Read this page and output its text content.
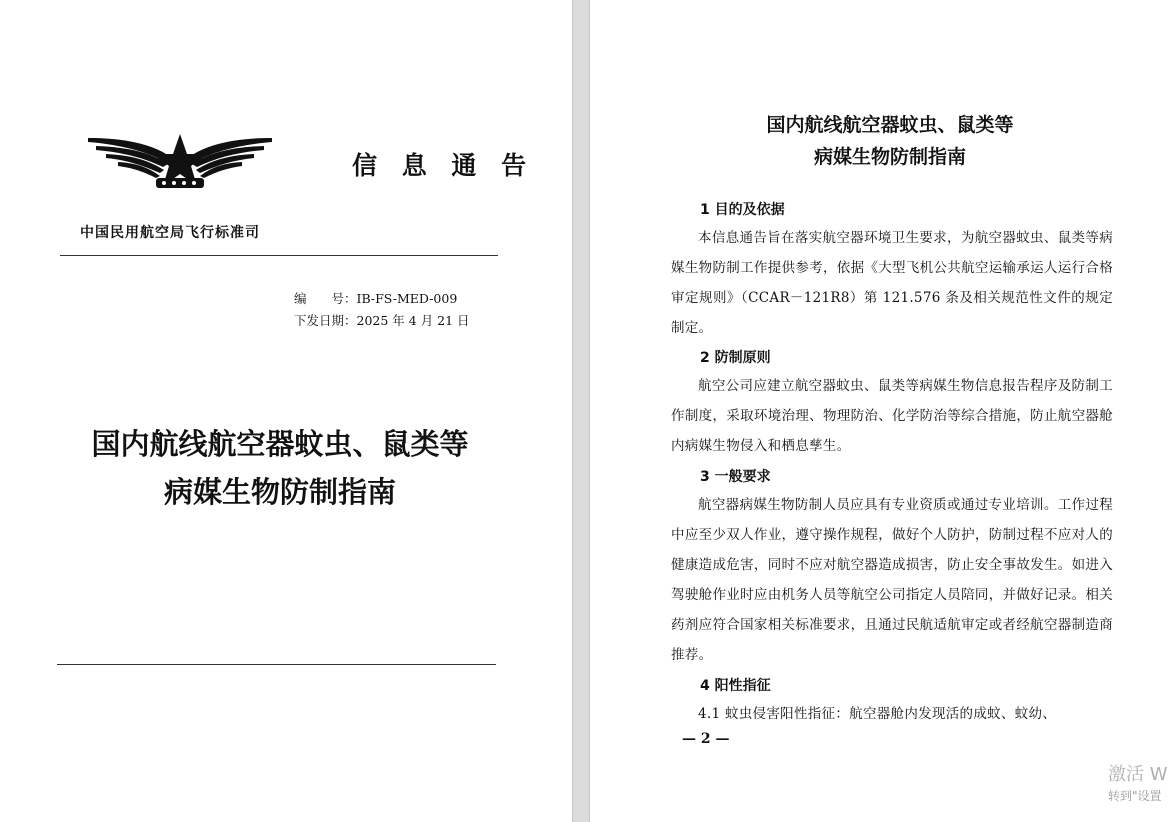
信 息 通 告
中国民用航空局飞行标准司
编　　号：IB-FS-MED-009
下发日期：2025 年 4 月 21 日
国内航线航空器蚊虫、鼠类等
病媒生物防制指南
国内航线航空器蚊虫、鼠类等
病媒生物防制指南
1 目的及依据
本信息通告旨在落实航空器环境卫生要求，为航空器蚊虫、鼠类等病媒生物防制工作提供参考，依据《大型飞机公共航空运输承运人运行合格审定规则》（CCAR－121R8）第 121.576 条及相关规范性文件的规定制定。
2 防制原则
航空公司应建立航空器蚊虫、鼠类等病媒生物信息报告程序及防制工作制度，采取环境治理、物理防治、化学防治等综合措施，防止航空器舱内病媒生物侵入和栖息孳生。
3 一般要求
航空器病媒生物防制人员应具有专业资质或通过专业培训。工作过程中应至少双人作业，遵守操作规程，做好个人防护，防制过程不应对人的健康造成危害，同时不应对航空器造成损害，防止安全事故发生。如进入驾驶舱作业时应由机务人员等航空公司指定人员陪同，并做好记录。相关药剂应符合国家相关标准要求，且通过民航适航审定或者经航空器制造商推荐。
4 阳性指征
4.1 蚊虫侵害阳性指征：航空器舱内发现活的成蚊、蚊幼、
— 2 —
激活 W
转到"设置
